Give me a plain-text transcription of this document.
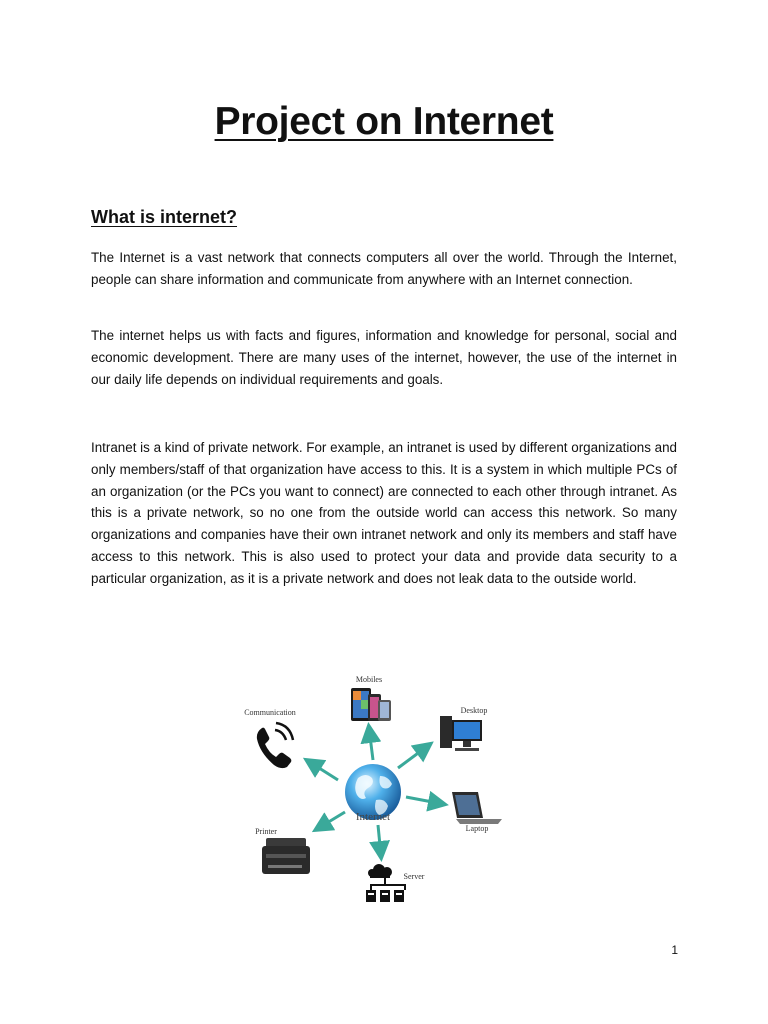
Project on Internet
What is internet?

The Internet is a vast network that connects computers all over the world. Through the Internet, people can share information and communicate from anywhere with an Internet connection.

The internet helps us with facts and figures, information and knowledge for personal, social and economic development. There are many uses of the internet, however, the use of the internet in our daily life depends on individual requirements and goals.

Intranet is a kind of private network. For example, an intranet is used by different organizations and only members/staff of that organization have access to this. It is a system in which multiple PCs of an organization (or the PCs you want to connect) are connected to each other through intranet. As this is a private network, so no one from the outside world can access this network. So many organizations and companies have their own intranet network and only its members and staff have access to this network. This is also used to protect your data and provide data security to a particular organization, as it is a private network and does not leak data to the outside world.

Internet
Mobiles
Communication	Desktop
Laptop
Printer
Server
1
